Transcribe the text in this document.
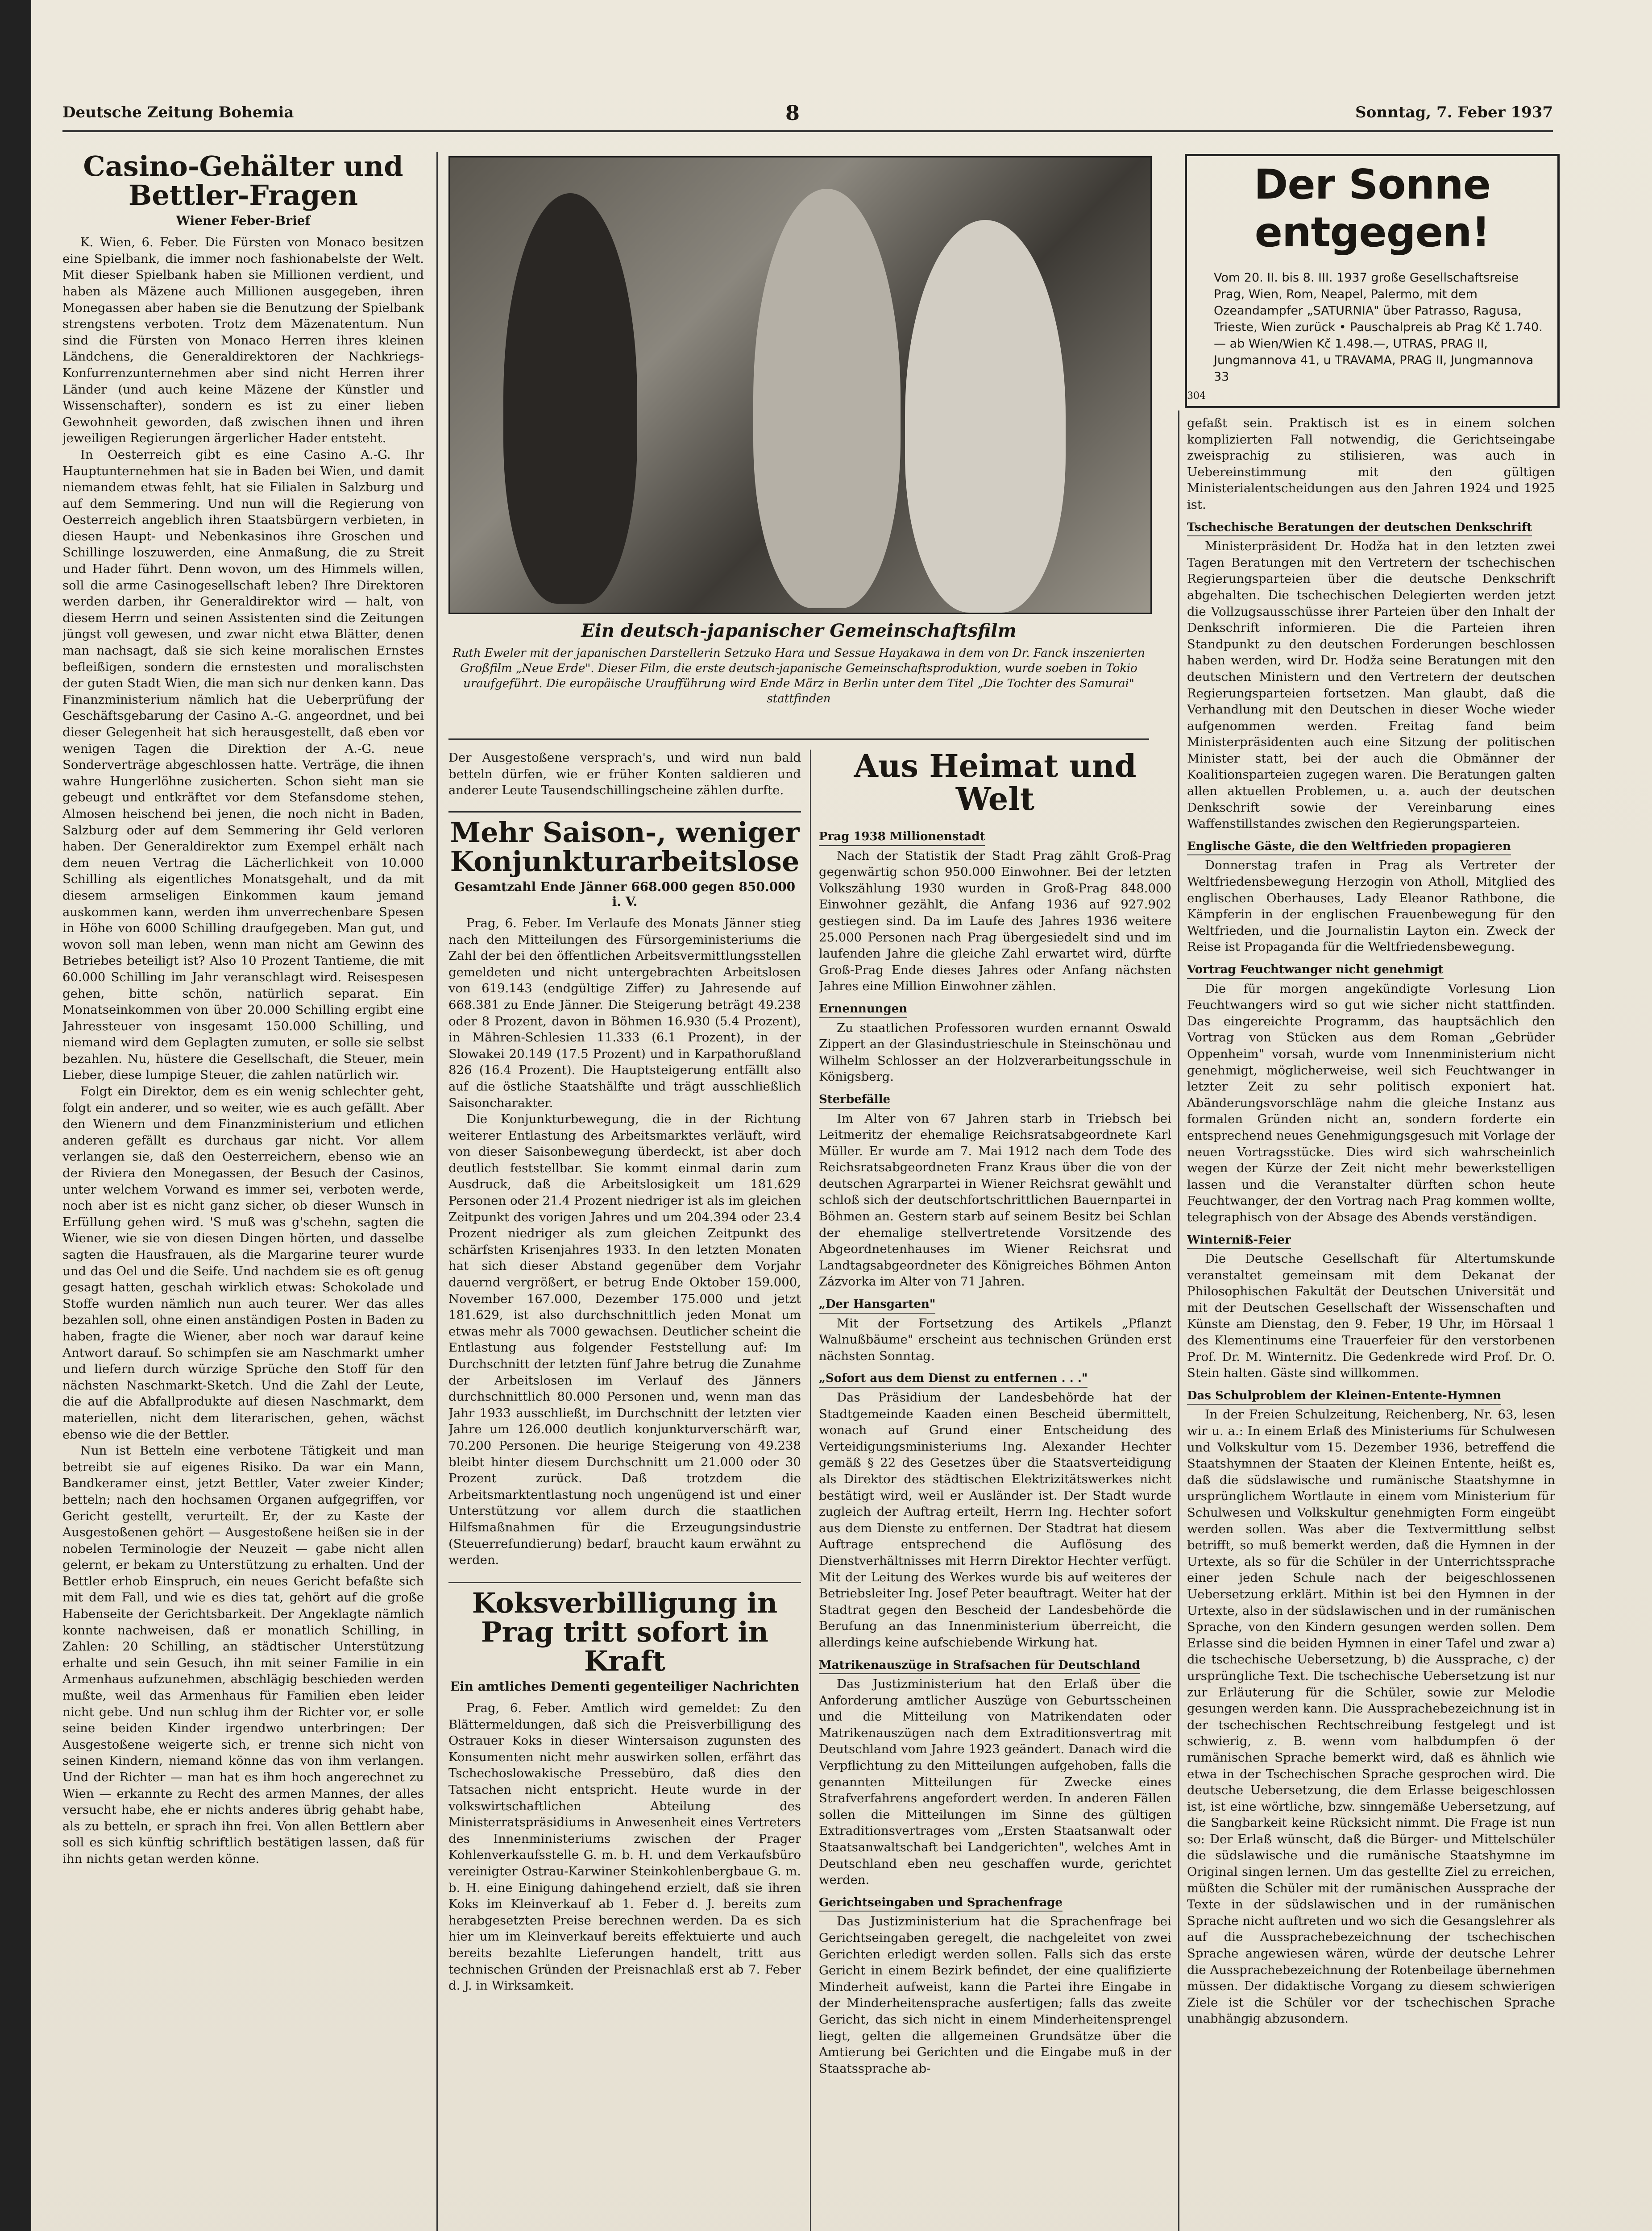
Deutsche Zeitung Bohemia	8	Sonntag, 7. Feber 1937
Casino-Gehälter und Bettler-Fragen
Wiener Feber-Brief

K. Wien, 6. Feber. Die Fürsten von Monaco besitzen eine Spielbank, die immer noch fashionabelste der Welt. Mit dieser Spielbank haben sie Millionen verdient, und haben als Mäzene auch Millionen ausgegeben, ihren Monegassen aber haben sie die Benutzung der Spielbank strengstens verboten. Trotz dem Mäzenatentum. Nun sind die Fürsten von Monaco Herren ihres kleinen Ländchens, die Generaldirektoren der Nachkriegs-Konfurrenzunternehmen aber sind nicht Herren ihrer Länder (und auch keine Mäzene der Künstler und Wissenschafter), sondern es ist zu einer lieben Gewohnheit geworden, daß zwischen ihnen und ihren jeweiligen Regierungen ärgerlicher Hader entsteht.

In Oesterreich gibt es eine Casino A.-G. Ihr Hauptunternehmen hat sie in Baden bei Wien, und damit niemandem etwas fehlt, hat sie Filialen in Salzburg und auf dem Semmering. Und nun will die Regierung von Oesterreich angeblich ihren Staatsbürgern verbieten, in diesen Haupt- und Nebenkasinos ihre Groschen und Schillinge loszuwerden, eine Anmaßung, die zu Streit und Hader führt. Denn wovon, um des Himmels willen, soll die arme Casinogesellschaft leben? Ihre Direktoren werden darben, ihr Generaldirektor wird — halt, von diesem Herrn und seinen Assistenten sind die Zeitungen jüngst voll gewesen, und zwar nicht etwa Blätter, denen man nachsagt, daß sie sich keine moralischen Ernstes befleißigen, sondern die ernstesten und moralischsten der guten Stadt Wien, die man sich nur denken kann. Das Finanzministerium nämlich hat die Ueberprüfung der Geschäftsgebarung der Casino A.-G. angeordnet, und bei dieser Gelegenheit hat sich herausgestellt, daß eben vor wenigen Tagen die Direktion der A.-G. neue Sonderverträge abgeschlossen hatte. Verträge, die ihnen wahre Hungerlöhne zusicherten. Schon sieht man sie gebeugt und entkräftet vor dem Stefansdome stehen, Almosen heischend bei jenen, die noch nicht in Baden, Salzburg oder auf dem Semmering ihr Geld verloren haben. Der Generaldirektor zum Exempel erhält nach dem neuen Vertrag die Lächerlichkeit von 10.000 Schilling als eigentliches Monatsgehalt, und da mit diesem armseligen Einkommen kaum jemand auskommen kann, werden ihm unverrechenbare Spesen in Höhe von 6000 Schilling draufgegeben. Man gut, und wovon soll man leben, wenn man nicht am Gewinn des Betriebes beteiligt ist? Also 10 Prozent Tantieme, die mit 60.000 Schilling im Jahr veranschlagt wird. Reisespesen gehen, bitte schön, natürlich separat. Ein Monatseinkommen von über 20.000 Schilling ergibt eine Jahressteuer von insgesamt 150.000 Schilling, und niemand wird dem Geplagten zumuten, er solle sie selbst bezahlen. Nu, hüstere die Gesellschaft, die Steuer, mein Lieber, diese lumpige Steuer, die zahlen natürlich wir.

Folgt ein Direktor, dem es ein wenig schlechter geht, folgt ein anderer, und so weiter, wie es auch gefällt. Aber den Wienern und dem Finanzministerium und etlichen anderen gefällt es durchaus gar nicht. Vor allem verlangen sie, daß den Oesterreichern, ebenso wie an der Riviera den Monegassen, der Besuch der Casinos, unter welchem Vorwand es immer sei, verboten werde, noch aber ist es nicht ganz sicher, ob dieser Wunsch in Erfüllung gehen wird. 'S muß was g'schehn, sagten die Wiener, wie sie von diesen Dingen hörten, und dasselbe sagten die Hausfrauen, als die Margarine teurer wurde und das Oel und die Seife. Und nachdem sie es oft genug gesagt hatten, geschah wirklich etwas: Schokolade und Stoffe wurden nämlich nun auch teurer. Wer das alles bezahlen soll, ohne einen anständigen Posten in Baden zu haben, fragte die Wiener, aber noch war darauf keine Antwort darauf. So schimpfen sie am Naschmarkt umher und liefern durch würzige Sprüche den Stoff für den nächsten Naschmarkt-Sketch. Und die Zahl der Leute, die auf die Abfallprodukte auf diesen Naschmarkt, dem materiellen, nicht dem literarischen, gehen, wächst ebenso wie die der Bettler.

Nun ist Betteln eine verbotene Tätigkeit und man betreibt sie auf eigenes Risiko. Da war ein Mann, Bandkeramer einst, jetzt Bettler, Vater zweier Kinder; betteln; nach den hochsamen Organen aufgegriffen, vor Gericht gestellt, verurteilt. Er, der zu Kaste der Ausgestoßenen gehört — Ausgestoßene heißen sie in der nobelen Terminologie der Neuzeit — gabe nicht allen gelernt, er bekam zu Unterstützung zu erhalten. Und der Bettler erhob Einspruch, ein neues Gericht befaßte sich mit dem Fall, und wie es dies tat, gehört auf die große Habenseite der Gerichtsbarkeit. Der Angeklagte nämlich konnte nachweisen, daß er monatlich Schilling, in Zahlen: 20 Schilling, an städtischer Unterstützung erhalte und sein Gesuch, ihn mit seiner Familie in ein Armenhaus aufzunehmen, abschlägig beschieden werden mußte, weil das Armenhaus für Familien eben leider nicht gebe. Und nun schlug ihm der Richter vor, er solle seine beiden Kinder irgendwo unterbringen: Der Ausgestoßene weigerte sich, er trenne sich nicht von seinen Kindern, niemand könne das von ihm verlangen. Und der Richter — man hat es ihm hoch angerechnet zu Wien — erkannte zu Recht des armen Mannes, der alles versucht habe, ehe er nichts anderes übrig gehabt habe, als zu betteln, er sprach ihn frei. Von allen Bettlern aber soll es sich künftig schriftlich bestätigen lassen, daß für ihn nichts getan werden könne.

Ein deutsch-japanischer Gemeinschaftsfilm
Ruth Eweler mit der japanischen Darstellerin Setzuko Hara und Sessue Hayakawa in dem von Dr. Fanck inszenierten Großfilm „Neue Erde". Dieser Film, die erste deutsch-japanische Gemeinschaftsproduktion, wurde soeben in Tokio uraufgeführt. Die europäische Uraufführung wird Ende März in Berlin unter dem Titel „Die Tochter des Samurai" stattfinden
Der Sonne entgegen!
Vom 20. II. bis 8. III. 1937 große Gesellschaftsreise Prag, Wien, Rom, Neapel, Palermo, mit dem Ozeandampfer „SATURNIA" über Patrasso, Ragusa, Trieste, Wien zurück • Pauschalpreis ab Prag Kč 1.740.— ab Wien/Wien Kč 1.498.—, UTRAS, PRAG II, Jungmannova 41, u TRAVAMA, PRAG II, Jungmannova 33
304

Der Ausgestoßene versprach's, und wird nun bald betteln dürfen, wie er früher Konten saldieren und anderer Leute Tausendschillingscheine zählen durfte.

Mehr Saison-, weniger Konjunkturarbeitslose
Gesamtzahl Ende Jänner 668.000 gegen 850.000 i. V.

Prag, 6. Feber. Im Verlaufe des Monats Jänner stieg nach den Mitteilungen des Fürsorgeministeriums die Zahl der bei den öffentlichen Arbeitsvermittlungsstellen gemeldeten und nicht untergebrachten Arbeitslosen von 619.143 (endgültige Ziffer) zu Jahresende auf 668.381 zu Ende Jänner. Die Steigerung beträgt 49.238 oder 8 Prozent, davon in Böhmen 16.930 (5.4 Prozent), in Mähren-Schlesien 11.333 (6.1 Prozent), in der Slowakei 20.149 (17.5 Prozent) und in Karpathorußland 826 (16.4 Prozent). Die Hauptsteigerung entfällt also auf die östliche Staatshälfte und trägt ausschließlich Saisoncharakter.

Die Konjunkturbewegung, die in der Richtung weiterer Entlastung des Arbeitsmarktes verläuft, wird von dieser Saisonbewegung überdeckt, ist aber doch deutlich feststellbar. Sie kommt einmal darin zum Ausdruck, daß die Arbeitslosigkeit um 181.629 Personen oder 21.4 Prozent niedriger ist als im gleichen Zeitpunkt des vorigen Jahres und um 204.394 oder 23.4 Prozent niedriger als zum gleichen Zeitpunkt des schärfsten Krisenjahres 1933. In den letzten Monaten hat sich dieser Abstand gegenüber dem Vorjahr dauernd vergrößert, er betrug Ende Oktober 159.000, November 167.000, Dezember 175.000 und jetzt 181.629, ist also durchschnittlich jeden Monat um etwas mehr als 7000 gewachsen. Deutlicher scheint die Entlastung aus folgender Feststellung auf: Im Durchschnitt der letzten fünf Jahre betrug die Zunahme der Arbeitslosen im Verlauf des Jänners durchschnittlich 80.000 Personen und, wenn man das Jahr 1933 ausschließt, im Durchschnitt der letzten vier Jahre um 126.000 deutlich konjunkturverschärft war, 70.200 Personen. Die heurige Steigerung von 49.238 bleibt hinter diesem Durchschnitt um 21.000 oder 30 Prozent zurück. Daß trotzdem die Arbeitsmarktentlastung noch ungenügend ist und einer Unterstützung vor allem durch die staatlichen Hilfsmaßnahmen für die Erzeugungsindustrie (Steuerrefundierung) bedarf, braucht kaum erwähnt zu werden.

Koksverbilligung in Prag tritt sofort in Kraft
Ein amtliches Dementi gegenteiliger Nachrichten

Prag, 6. Feber. Amtlich wird gemeldet: Zu den Blättermeldungen, daß sich die Preisverbilligung des Ostrauer Koks in dieser Wintersaison zugunsten des Konsumenten nicht mehr auswirken sollen, erfährt das Tschechoslowakische Pressebüro, daß dies den Tatsachen nicht entspricht. Heute wurde in der volkswirtschaftlichen Abteilung des Ministerratspräsidiums in Anwesenheit eines Vertreters des Innenministeriums zwischen der Prager Kohlenverkaufsstelle G. m. b. H. und dem Verkaufsbüro vereinigter Ostrau-Karwiner Steinkohlenbergbaue G. m. b. H. eine Einigung dahingehend erzielt, daß sie ihren Koks im Kleinverkauf ab 1. Feber d. J. bereits zum herabgesetzten Preise berechnen werden. Da es sich hier um im Kleinverkauf bereits effektuierte und auch bereits bezahlte Lieferungen handelt, tritt aus technischen Gründen der Preisnachlaß erst ab 7. Feber d. J. in Wirksamkeit.

Aus Heimat und Welt
Prag 1938 Millionenstadt

Nach der Statistik der Stadt Prag zählt Groß-Prag gegenwärtig schon 950.000 Einwohner. Bei der letzten Volkszählung 1930 wurden in Groß-Prag 848.000 Einwohner gezählt, die Anfang 1936 auf 927.902 gestiegen sind. Da im Laufe des Jahres 1936 weitere 25.000 Personen nach Prag übergesiedelt sind und im laufenden Jahre die gleiche Zahl erwartet wird, dürfte Groß-Prag Ende dieses Jahres oder Anfang nächsten Jahres eine Million Einwohner zählen.

Ernennungen

Zu staatlichen Professoren wurden ernannt Oswald Zippert an der Glasindustrieschule in Steinschönau und Wilhelm Schlosser an der Holzverarbeitungsschule in Königsberg.

Sterbefälle

Im Alter von 67 Jahren starb in Triebsch bei Leitmeritz der ehemalige Reichsratsabgeordnete Karl Müller. Er wurde am 7. Mai 1912 nach dem Tode des Reichsratsabgeordneten Franz Kraus über die von der deutschen Agrarpartei in Wiener Reichsrat gewählt und schloß sich der deutschfortschrittlichen Bauernpartei in Böhmen an. Gestern starb auf seinem Besitz bei Schlan der ehemalige stellvertretende Vorsitzende des Abgeordnetenhauses im Wiener Reichsrat und Landtagsabgeordneter des Königreiches Böhmen Anton Zázvorka im Alter von 71 Jahren.

„Der Hansgarten"

Mit der Fortsetzung des Artikels „Pflanzt Walnußbäume" erscheint aus technischen Gründen erst nächsten Sonntag.

„Sofort aus dem Dienst zu entfernen . . ."

Das Präsidium der Landesbehörde hat der Stadtgemeinde Kaaden einen Bescheid übermittelt, wonach auf Grund einer Entscheidung des Verteidigungsministeriums Ing. Alexander Hechter gemäß § 22 des Gesetzes über die Staatsverteidigung als Direktor des städtischen Elektrizitätswerkes nicht bestätigt wird, weil er Ausländer ist. Der Stadt wurde zugleich der Auftrag erteilt, Herrn Ing. Hechter sofort aus dem Dienste zu entfernen. Der Stadtrat hat diesem Auftrage entsprechend die Auflösung des Dienstverhältnisses mit Herrn Direktor Hechter verfügt. Mit der Leitung des Werkes wurde bis auf weiteres der Betriebsleiter Ing. Josef Peter beauftragt. Weiter hat der Stadtrat gegen den Bescheid der Landesbehörde die Berufung an das Innenministerium überreicht, die allerdings keine aufschiebende Wirkung hat.

Matrikenauszüge in Strafsachen für Deutschland

Das Justizministerium hat den Erlaß über die Anforderung amtlicher Auszüge von Geburtsscheinen und die Mitteilung von Matrikendaten oder Matrikenauszügen nach dem Extraditionsvertrag mit Deutschland vom Jahre 1923 geändert. Danach wird die Verpflichtung zu den Mitteilungen aufgehoben, falls die genannten Mitteilungen für Zwecke eines Strafverfahrens angefordert werden. In anderen Fällen sollen die Mitteilungen im Sinne des gültigen Extraditionsvertrages vom „Ersten Staatsanwalt oder Staatsanwaltschaft bei Landgerichten", welches Amt in Deutschland eben neu geschaffen wurde, gerichtet werden.

Gerichtseingaben und Sprachenfrage

Das Justizministerium hat die Sprachenfrage bei Gerichtseingaben geregelt, die nachgeleitet von zwei Gerichten erledigt werden sollen. Falls sich das erste Gericht in einem Bezirk befindet, der eine qualifizierte Minderheit aufweist, kann die Partei ihre Eingabe in der Minderheitensprache ausfertigen; falls das zweite Gericht, das sich nicht in einem Minderheitensprengel liegt, gelten die allgemeinen Grundsätze über die Amtierung bei Gerichten und die Eingabe muß in der Staatssprache ab-

gefaßt sein. Praktisch ist es in einem solchen komplizierten Fall notwendig, die Gerichtseingabe zweisprachig zu stilisieren, was auch in Uebereinstimmung mit den gültigen Ministerialentscheidungen aus den Jahren 1924 und 1925 ist.

Tschechische Beratungen der deutschen Denkschrift

Ministerpräsident Dr. Hodža hat in den letzten zwei Tagen Beratungen mit den Vertretern der tschechischen Regierungsparteien über die deutsche Denkschrift abgehalten. Die tschechischen Delegierten werden jetzt die Vollzugsausschüsse ihrer Parteien über den Inhalt der Denkschrift informieren. Die die Parteien ihren Standpunkt zu den deutschen Forderungen beschlossen haben werden, wird Dr. Hodža seine Beratungen mit den deutschen Ministern und den Vertretern der deutschen Regierungsparteien fortsetzen. Man glaubt, daß die Verhandlung mit den Deutschen in dieser Woche wieder aufgenommen werden. Freitag fand beim Ministerpräsidenten auch eine Sitzung der politischen Minister statt, bei der auch die Obmänner der Koalitionsparteien zugegen waren. Die Beratungen galten allen aktuellen Problemen, u. a. auch der deutschen Denkschrift sowie der Vereinbarung eines Waffenstillstandes zwischen den Regierungsparteien.

Englische Gäste, die den Weltfrieden propagieren

Donnerstag trafen in Prag als Vertreter der Weltfriedensbewegung Herzogin von Atholl, Mitglied des englischen Oberhauses, Lady Eleanor Rathbone, die Kämpferin in der englischen Frauenbewegung für den Weltfrieden, und die Journalistin Layton ein. Zweck der Reise ist Propaganda für die Weltfriedensbewegung.

Vortrag Feuchtwanger nicht genehmigt

Die für morgen angekündigte Vorlesung Lion Feuchtwangers wird so gut wie sicher nicht stattfinden. Das eingereichte Programm, das hauptsächlich den Vortrag von Stücken aus dem Roman „Gebrüder Oppenheim" vorsah, wurde vom Innenministerium nicht genehmigt, möglicherweise, weil sich Feuchtwanger in letzter Zeit zu sehr politisch exponiert hat. Abänderungsvorschläge nahm die gleiche Instanz aus formalen Gründen nicht an, sondern forderte ein entsprechend neues Genehmigungsgesuch mit Vorlage der neuen Vortragsstücke. Dies wird sich wahrscheinlich wegen der Kürze der Zeit nicht mehr bewerkstelligen lassen und die Veranstalter dürften schon heute Feuchtwanger, der den Vortrag nach Prag kommen wollte, telegraphisch von der Absage des Abends verständigen.

Winterniß-Feier

Die Deutsche Gesellschaft für Altertumskunde veranstaltet gemeinsam mit dem Dekanat der Philosophischen Fakultät der Deutschen Universität und mit der Deutschen Gesellschaft der Wissenschaften und Künste am Dienstag, den 9. Feber, 19 Uhr, im Hörsaal 1 des Klementinums eine Trauerfeier für den verstorbenen Prof. Dr. M. Winternitz. Die Gedenkrede wird Prof. Dr. O. Stein halten. Gäste sind willkommen.

Das Schulproblem der Kleinen-Entente-Hymnen

In der Freien Schulzeitung, Reichenberg, Nr. 63, lesen wir u. a.: In einem Erlaß des Ministeriums für Schulwesen und Volkskultur vom 15. Dezember 1936, betreffend die Staatshymnen der Staaten der Kleinen Entente, heißt es, daß die südslawische und rumänische Staatshymne in ursprünglichem Wortlaute in einem vom Ministerium für Schulwesen und Volkskultur genehmigten Form eingeübt werden sollen. Was aber die Textvermittlung selbst betrifft, so muß bemerkt werden, daß die Hymnen in der Urtexte, als so für die Schüler in der Unterrichtssprache einer jeden Schule nach der beigeschlossenen Uebersetzung erklärt. Mithin ist bei den Hymnen in der Urtexte, also in der südslawischen und in der rumänischen Sprache, von den Kindern gesungen werden sollen. Dem Erlasse sind die beiden Hymnen in einer Tafel und zwar a) die tschechische Uebersetzung, b) die Aussprache, c) der ursprüngliche Text. Die tschechische Uebersetzung ist nur zur Erläuterung für die Schüler, sowie zur Melodie gesungen werden kann. Die Aussprachebezeichnung ist in der tschechischen Rechtschreibung festgelegt und ist schwierig, z. B. wenn vom halbdumpfen ö der rumänischen Sprache bemerkt wird, daß es ähnlich wie etwa in der Tschechischen Sprache gesprochen wird. Die deutsche Uebersetzung, die dem Erlasse beigeschlossen ist, ist eine wörtliche, bzw. sinngemäße Uebersetzung, auf die Sangbarkeit keine Rücksicht nimmt. Die Frage ist nun so: Der Erlaß wünscht, daß die Bürger- und Mittelschüler die südslawische und die rumänische Staatshymne im Original singen lernen. Um das gestellte Ziel zu erreichen, müßten die Schüler mit der rumänischen Aussprache der Texte in der südslawischen und in der rumänischen Sprache nicht auftreten und wo sich die Gesangslehrer als auf die Aussprachebezeichnung der tschechischen Sprache angewiesen wären, würde der deutsche Lehrer die Aussprachebezeichnung der Rotenbeilage übernehmen müssen. Der didaktische Vorgang zu diesem schwierigen Ziele ist die Schüler vor der tschechischen Sprache unabhängig abzusondern.
